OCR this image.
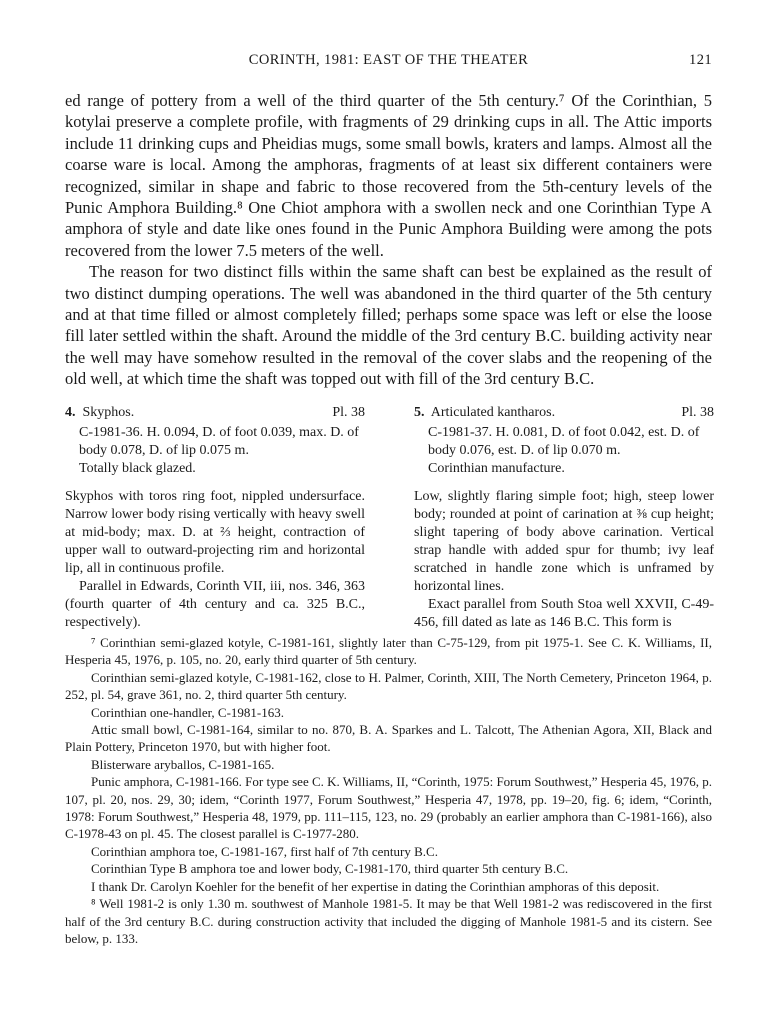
CORINTH, 1981: EAST OF THE THEATER	121

ed range of pottery from a well of the third quarter of the 5th century.⁷ Of the Corinthian, 5 kotylai preserve a complete profile, with fragments of 29 drinking cups in all. The Attic imports include 11 drinking cups and Pheidias mugs, some small bowls, kraters and lamps. Almost all the coarse ware is local. Among the amphoras, fragments of at least six different containers were recognized, similar in shape and fabric to those recovered from the 5th-century levels of the Punic Amphora Building.⁸ One Chiot amphora with a swollen neck and one Corinthian Type A amphora of style and date like ones found in the Punic Amphora Building were among the pots recovered from the lower 7.5 meters of the well.

The reason for two distinct fills within the same shaft can best be explained as the result of two distinct dumping operations. The well was abandoned in the third quarter of the 5th century and at that time filled or almost completely filled; perhaps some space was left or else the loose fill later settled within the shaft. Around the middle of the 3rd century B.C. building activity near the well may have somehow resulted in the removal of the cover slabs and the reopening of the old well, at which time the shaft was topped out with fill of the 3rd century B.C.

4. Skyphos.	Pl. 38
C-1981-36. H. 0.094, D. of foot 0.039, max. D. of body 0.078, D. of lip 0.075 m.
Totally black glazed.

Skyphos with toros ring foot, nippled undersurface. Narrow lower body rising vertically with heavy swell at mid-body; max. D. at ⅔ height, contraction of upper wall to outward-projecting rim and horizontal lip, all in continuous profile.

Parallel in Edwards, Corinth VII, iii, nos. 346, 363 (fourth quarter of 4th century and ca. 325 B.C., respectively).

5. Articulated kantharos.	Pl. 38
C-1981-37. H. 0.081, D. of foot 0.042, est. D. of body 0.076, est. D. of lip 0.070 m.
Corinthian manufacture.

Low, slightly flaring simple foot; high, steep lower body; rounded at point of carination at ⅜ cup height; slight tapering of body above carination. Vertical strap handle with added spur for thumb; ivy leaf scratched in handle zone which is unframed by horizontal lines.

Exact parallel from South Stoa well XXVII, C-49-456, fill dated as late as 146 B.C. This form is

⁷ Corinthian semi-glazed kotyle, C-1981-161, slightly later than C-75-129, from pit 1975-1. See C. K. Williams, II, Hesperia 45, 1976, p. 105, no. 20, early third quarter of 5th century.

Corinthian semi-glazed kotyle, C-1981-162, close to H. Palmer, Corinth, XIII, The North Cemetery, Princeton 1964, p. 252, pl. 54, grave 361, no. 2, third quarter 5th century.

Corinthian one-handler, C-1981-163.

Attic small bowl, C-1981-164, similar to no. 870, B. A. Sparkes and L. Talcott, The Athenian Agora, XII, Black and Plain Pottery, Princeton 1970, but with higher foot.

Blisterware aryballos, C-1981-165.

Punic amphora, C-1981-166. For type see C. K. Williams, II, “Corinth, 1975: Forum Southwest,” Hesperia 45, 1976, p. 107, pl. 20, nos. 29, 30; idem, “Corinth 1977, Forum Southwest,” Hesperia 47, 1978, pp. 19–20, fig. 6; idem, “Corinth, 1978: Forum Southwest,” Hesperia 48, 1979, pp. 111–115, 123, no. 29 (probably an earlier amphora than C-1981-166), also C-1978-43 on pl. 45. The closest parallel is C-1977-280.

Corinthian amphora toe, C-1981-167, first half of 7th century B.C.

Corinthian Type B amphora toe and lower body, C-1981-170, third quarter 5th century B.C.

I thank Dr. Carolyn Koehler for the benefit of her expertise in dating the Corinthian amphoras of this deposit.

⁸ Well 1981-2 is only 1.30 m. southwest of Manhole 1981-5. It may be that Well 1981-2 was rediscovered in the first half of the 3rd century B.C. during construction activity that included the digging of Manhole 1981-5 and its cistern. See below, p. 133.
